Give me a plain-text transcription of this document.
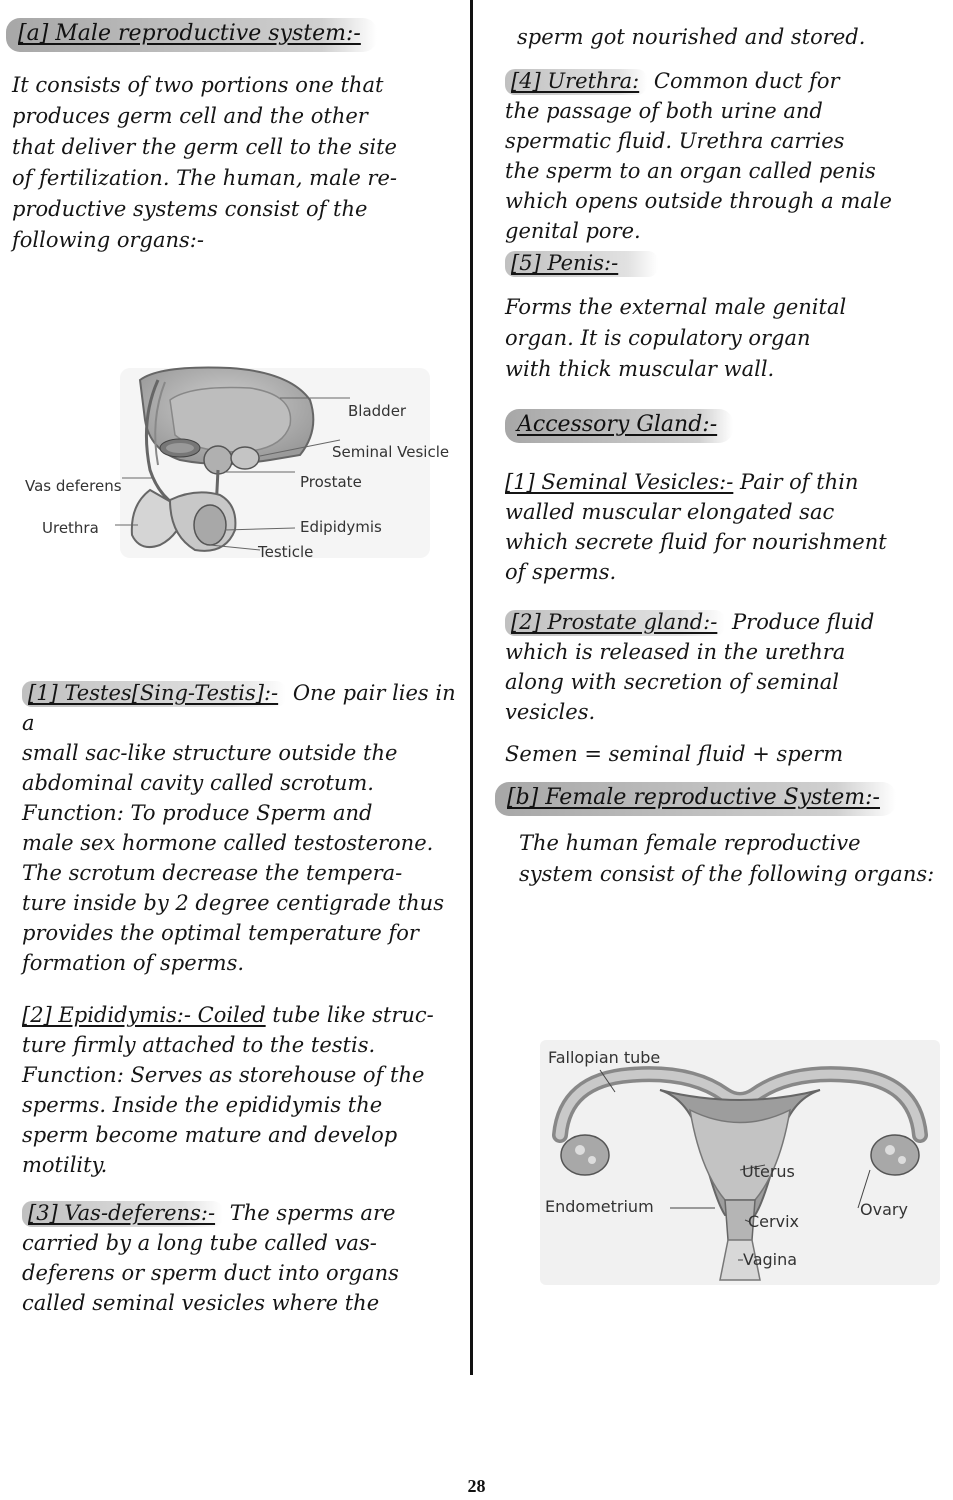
[a] Male reproductive system:-

It consists of two portions one that

produces germ cell and the other

that deliver the germ cell to the site

of fertilization. The human, male re-

productive systems consist of the

following organs:-

Bladder
Seminal Vesicle
Vas deferens	Prostate
Urethra	Edipidymis
Testicle

[1] Testes[Sing-Testis]:- One pair lies in a

small sac-like structure outside the

abdominal cavity called scrotum.

Function: To produce Sperm and

male sex hormone called testosterone.

The scrotum decrease the tempera-

ture inside by 2 degree centigrade thus

provides the optimal temperature for

formation of sperms.

[2] Epididymis:- Coiled tube like struc-

ture firmly attached to the testis.

Function: Serves as storehouse of the

sperms. Inside the epididymis the

sperm become mature and develop

motility.

[3] Vas-deferens:- The sperms are

carried by a long tube called vas-

deferens or sperm duct into organs

called seminal vesicles where the

sperm got nourished and stored.

[4] Urethra: Common duct for

the passage of both urine and

spermatic fluid. Urethra carries

the sperm to an organ called penis

which opens outside through a male

genital pore.

[5] Penis:-

Forms the external male genital

organ. It is copulatory organ

with thick muscular wall.

Accessory Gland:-

[1] Seminal Vesicles:- Pair of thin

walled muscular elongated sac

which secrete fluid for nourishment

of sperms.

[2] Prostate gland:- Produce fluid

which is released in the urethra

along with secretion of seminal

vesicles.

Semen = seminal fluid + sperm

[b] Female reproductive System:-

The human female reproductive

system consist of the following organs:

Fallopian tube
Uterus
Endometrium	Ovary
Cervix
Vagina
28
